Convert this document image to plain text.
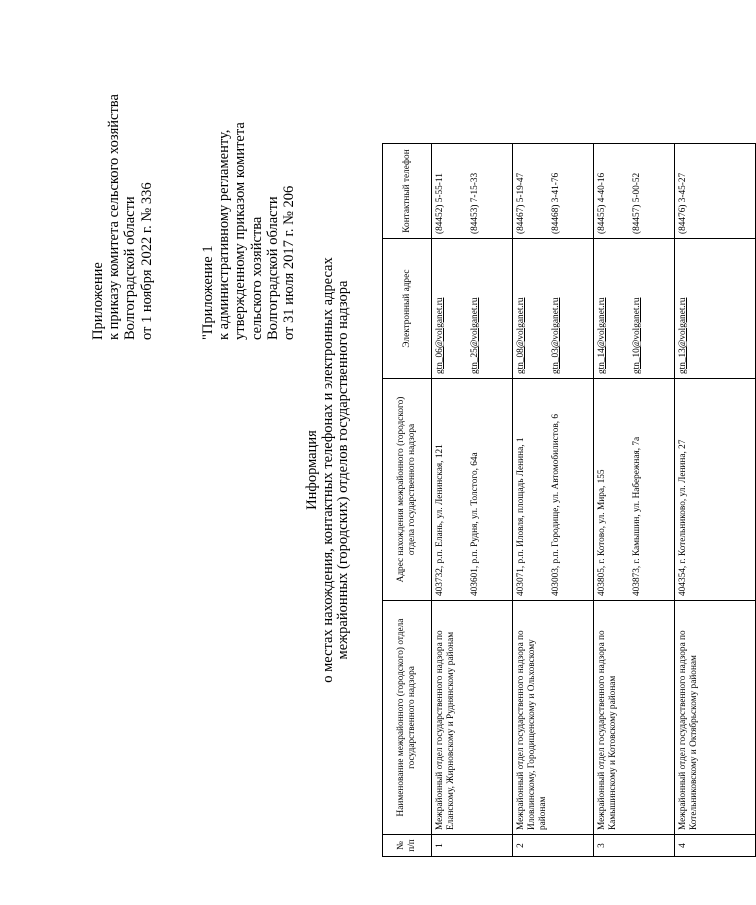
Приложение к приказу комитета сельского хозяйства Волгоградской области от 1 ноября 2022 г. № 336	"Приложение 1 к административному регламенту, утвержденному приказом комитета сельского хозяйства Волгоградской области от 31 июля 2017 г. № 206
Информация о местах нахождения, контактных телефонах и электронных адресах межрайонных (городских) отделов государственного надзора
№ п/п	Наименование межрайонного (городского) отдела государственного надзора	Адрес нахождения межрайонного (городского) отдела государственного надзора	Электронный адрес	Контактный телефон
1	Межрайонный отдел государственного надзора по Еланскому, Жирновскому и Руднянскому районам	403732, р.п. Елань, ул. Ленинская, 121 403601, р.п. Рудня, ул. Толстого, 64а	gtn_06@volganet.ru gtn_25@volganet.ru	(84452) 5-55-11 (84453) 7-15-33

2	Межрайонный отдел государственного надзора по Иловлинскому, Городищенскому и Ольховскому районам	403071, р.п. Иловля, площадь Ленина, 1 403003, р.п. Городище, ул. Автомобилистов, 6	gtn_08@volganet.ru gtn_03@volganet.ru	(84467) 5-19-47 (84468) 3-41-76

3	Межрайонный отдел государственного надзора по Камышинскому и Котовскому районам	403805, г. Котово, ул. Мира, 155 403873, г. Камышин, ул. Набережная, 7а	gtn_14@volganet.ru gtn_10@volganet.ru	(84455) 4-40-16 (84457) 5-00-52

4	Межрайонный отдел государственного надзора по Котельниковскому и Октябрьскому районам	404354, г. Котельниково, ул. Ленина, 27	gtn_13@volganet.ru	(84476) 3-45-27
